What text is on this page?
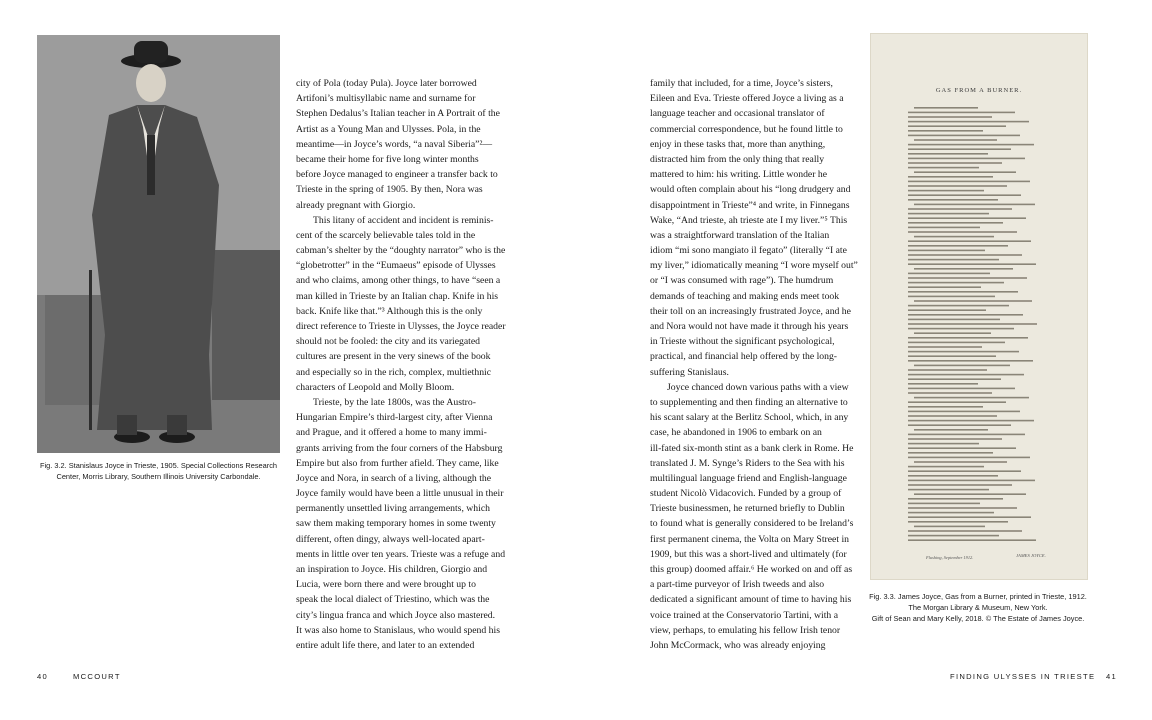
Fig. 3.2. Stanislaus Joyce in Trieste, 1905. Special Collections Research
Center, Morris Library, Southern Illinois University Carbondale.
city of Pola (today Pula). Joyce later borrowed
Artifoni’s multisyllabic name and surname for
Stephen Dedalus’s Italian teacher in A Portrait of the
Artist as a Young Man and Ulysses. Pola, in the
meantime—in Joyce’s words, “a naval Siberia”²—
became their home for five long winter months
before Joyce managed to engineer a transfer back to
Trieste in the spring of 1905. By then, Nora was
already pregnant with Giorgio.
This litany of accident and incident is reminis-
cent of the scarcely believable tales told in the
cabman’s shelter by the “doughty narrator” who is the
“globetrotter” in the “Eumaeus” episode of Ulysses
and who claims, among other things, to have “seen a
man killed in Trieste by an Italian chap. Knife in his
back. Knife like that.”³ Although this is the only
direct reference to Trieste in Ulysses, the Joyce reader
should not be fooled: the city and its variegated
cultures are present in the very sinews of the book
and especially so in the rich, complex, multiethnic
characters of Leopold and Molly Bloom.
Trieste, by the late 1800s, was the Austro-
Hungarian Empire’s third-largest city, after Vienna
and Prague, and it offered a home to many immi-
grants arriving from the four corners of the Habsburg
Empire but also from further afield. They came, like
Joyce and Nora, in search of a living, although the
Joyce family would have been a little unusual in their
permanently unsettled living arrangements, which
saw them making temporary homes in some twenty
different, often dingy, always well-located apart-
ments in little over ten years. Trieste was a refuge and
an inspiration to Joyce. His children, Giorgio and
Lucia, were born there and were brought up to
speak the local dialect of Triestino, which was the
city’s lingua franca and which Joyce also mastered.
It was also home to Stanislaus, who would spend his
entire adult life there, and later to an extended
40	MCCOURT
family that included, for a time, Joyce’s sisters,
Eileen and Eva. Trieste offered Joyce a living as a
language teacher and occasional translator of
commercial correspondence, but he found little to
enjoy in these tasks that, more than anything,
distracted him from the only thing that really
mattered to him: his writing. Little wonder he
would often complain about his “long drudgery and
disappointment in Trieste”⁴ and write, in Finnegans
Wake, “And trieste, ah trieste ate I my liver.”⁵ This
was a straightforward translation of the Italian
idiom “mi sono mangiato il fegato” (literally “I ate
my liver,” idiomatically meaning “I wore myself out”
or “I was consumed with rage”). The humdrum
demands of teaching and making ends meet took
their toll on an increasingly frustrated Joyce, and he
and Nora would not have made it through his years
in Trieste without the significant psychological,
practical, and financial help offered by the long-
suffering Stanislaus.
Joyce chanced down various paths with a view
to supplementing and then finding an alternative to
his scant salary at the Berlitz School, which, in any
case, he abandoned in 1906 to embark on an
ill-fated six-month stint as a bank clerk in Rome. He
translated J. M. Synge’s Riders to the Sea with his
multilingual language friend and English-language
student Nicolò Vidacovich. Funded by a group of
Trieste businessmen, he returned briefly to Dublin
to found what is generally considered to be Ireland’s
first permanent cinema, the Volta on Mary Street in
1909, but this was a short-lived and ultimately (for
this group) doomed affair.⁶ He worked on and off as
a part-time purveyor of Irish tweeds and also
dedicated a significant amount of time to having his
voice trained at the Conservatorio Tartini, with a
view, perhaps, to emulating his fellow Irish tenor
John McCormack, who was already enjoying
GAS FROM A BURNER.
Flushing, September 1912.	JAMES JOYCE.
Fig. 3.3. James Joyce, Gas from a Burner, printed in Trieste, 1912.
The Morgan Library & Museum, New York.
Gift of Sean and Mary Kelly, 2018. © The Estate of James Joyce.
FINDING ULYSSES IN TRIESTE 41
